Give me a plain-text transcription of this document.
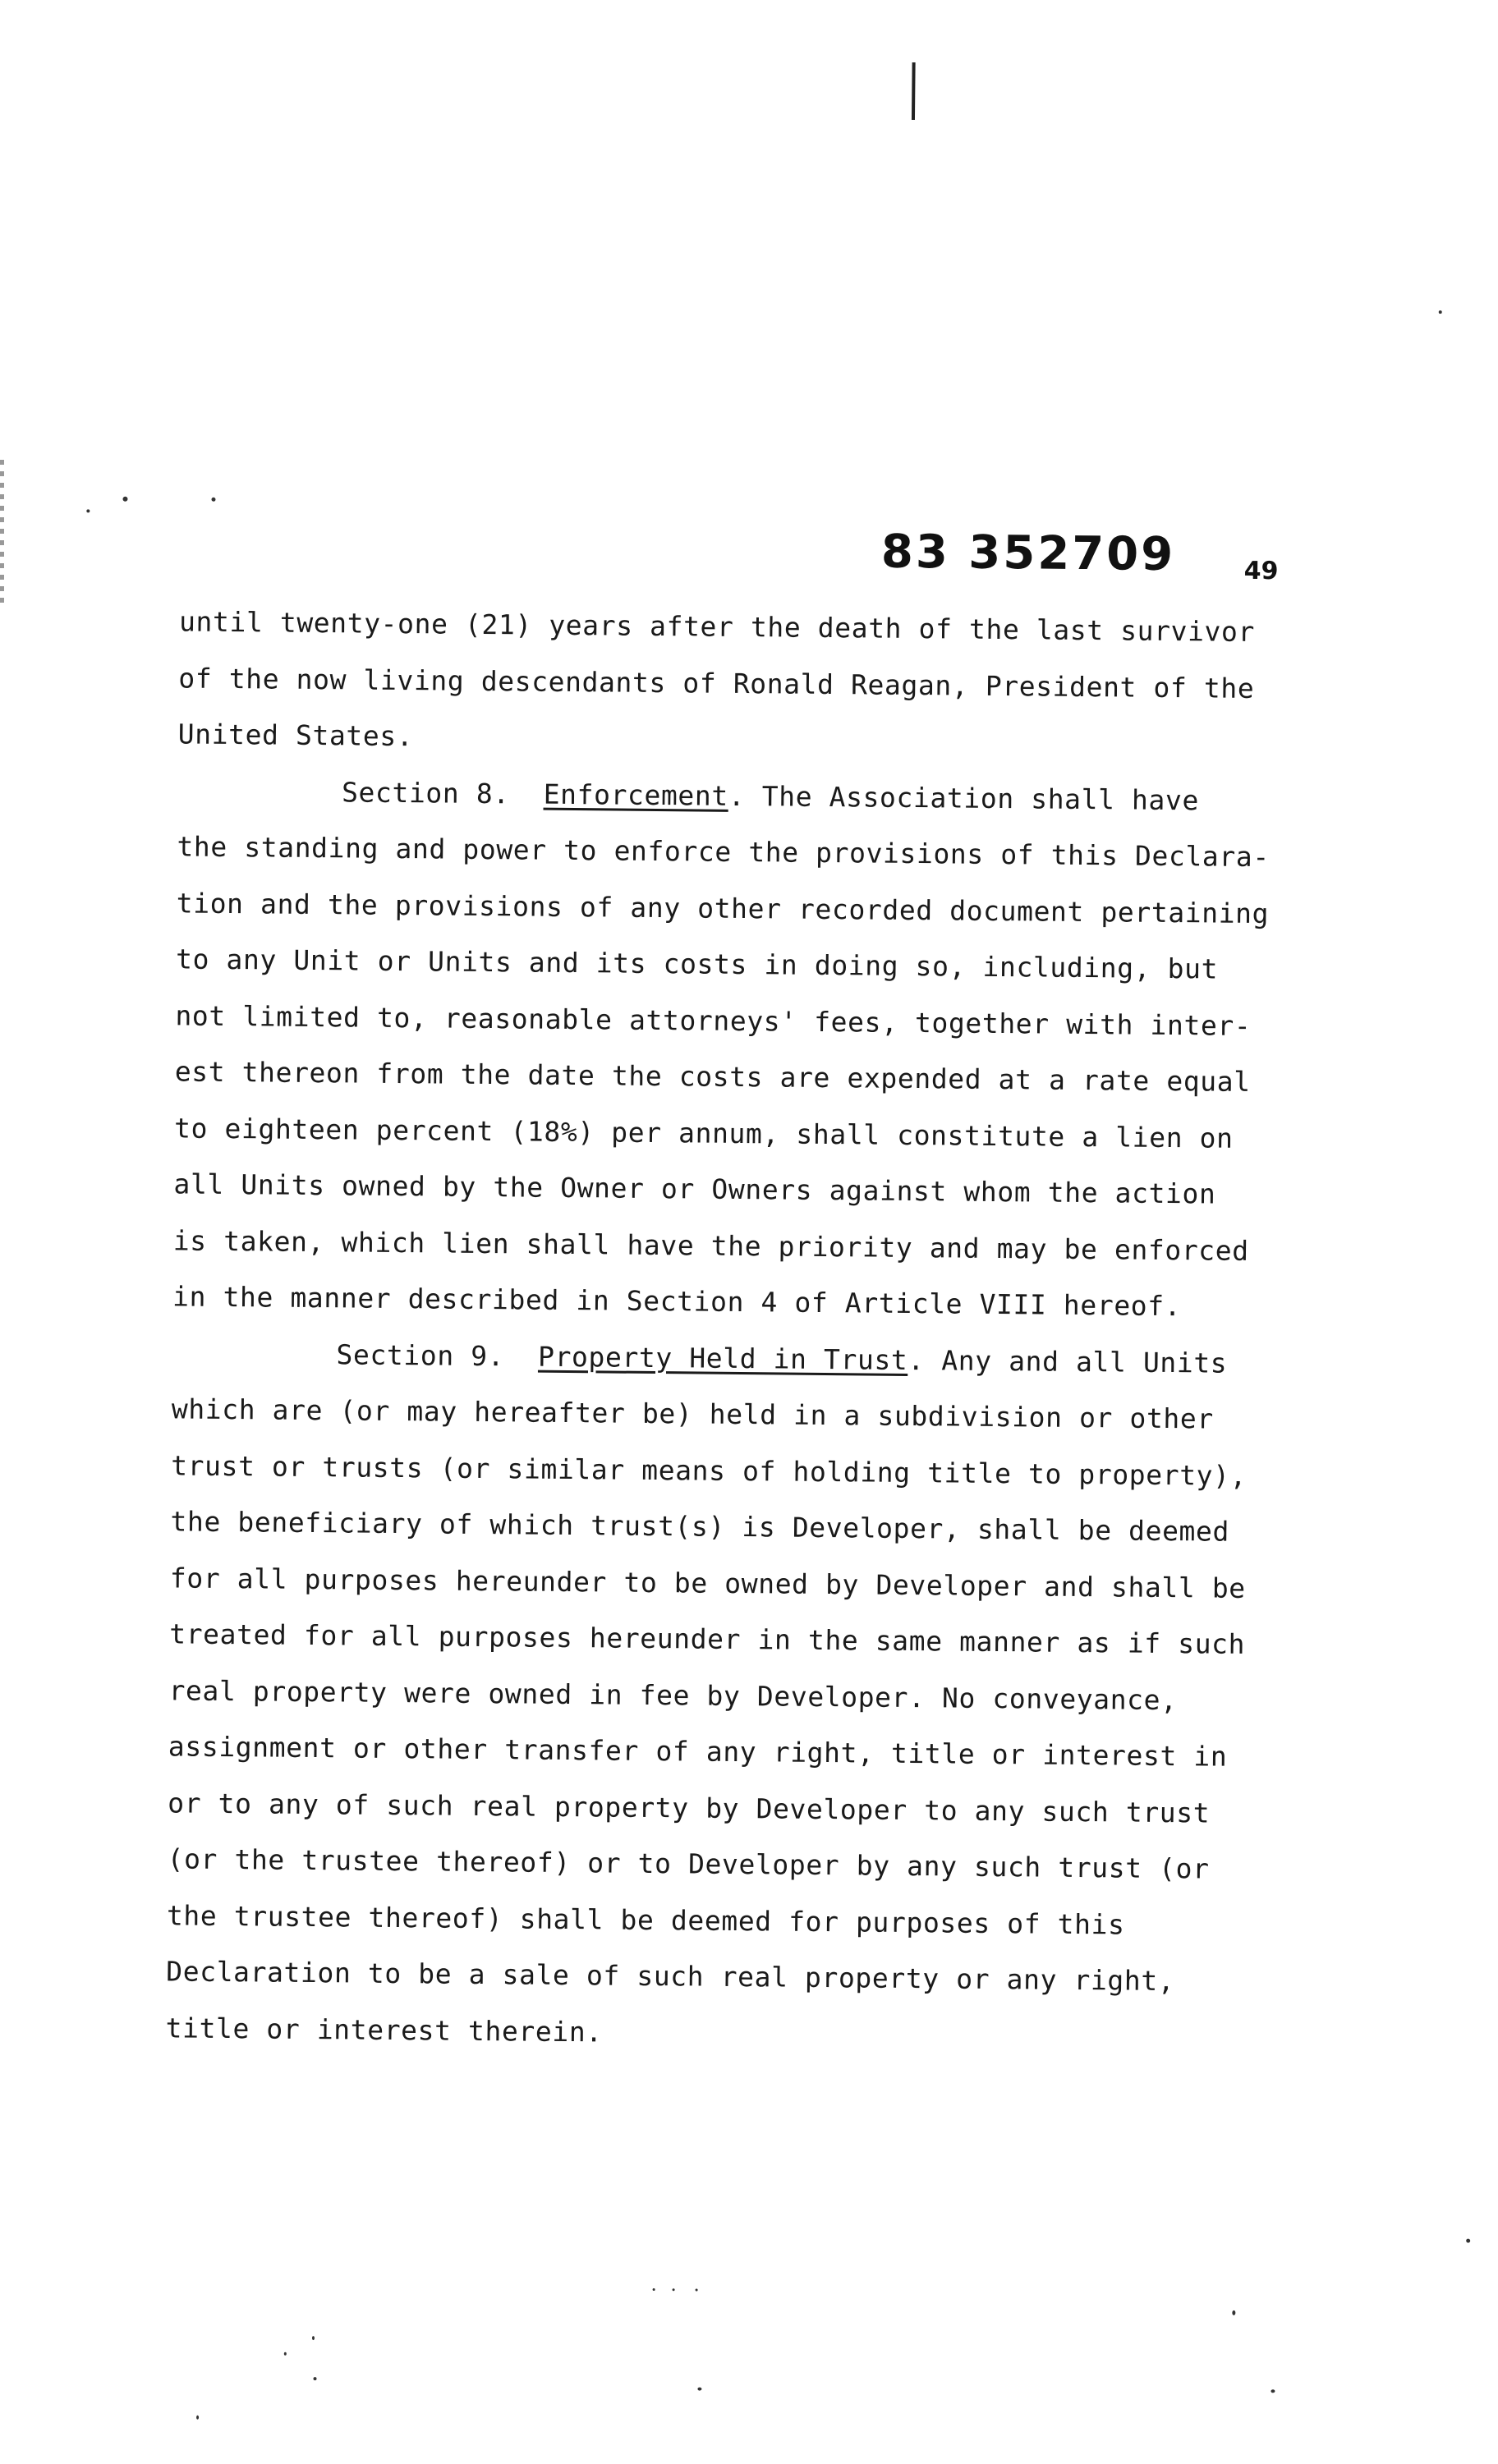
83 352709	49
until twenty-one (21) years after the death of the last survivor
of the now living descendants of Ronald Reagan, President of the
United States.
Section 8. Enforcement. The Association shall have
the standing and power to enforce the provisions of this Declara-
tion and the provisions of any other recorded document pertaining
to any Unit or Units and its costs in doing so, including, but
not limited to, reasonable attorneys' fees, together with inter-
est thereon from the date the costs are expended at a rate equal
to eighteen percent (18%) per annum, shall constitute a lien on
all Units owned by the Owner or Owners against whom the action
is taken, which lien shall have the priority and may be enforced
in the manner described in Section 4 of Article VIII hereof.
Section 9. Property Held in Trust. Any and all Units
which are (or may hereafter be) held in a subdivision or other
trust or trusts (or similar means of holding title to property),
the beneficiary of which trust(s) is Developer, shall be deemed
for all purposes hereunder to be owned by Developer and shall be
treated for all purposes hereunder in the same manner as if such
real property were owned in fee by Developer. No conveyance,
assignment or other transfer of any right, title or interest in
or to any of such real property by Developer to any such trust
(or the trustee thereof) or to Developer by any such trust (or
the trustee thereof) shall be deemed for purposes of this
Declaration to be a sale of such real property or any right,
title or interest therein.
